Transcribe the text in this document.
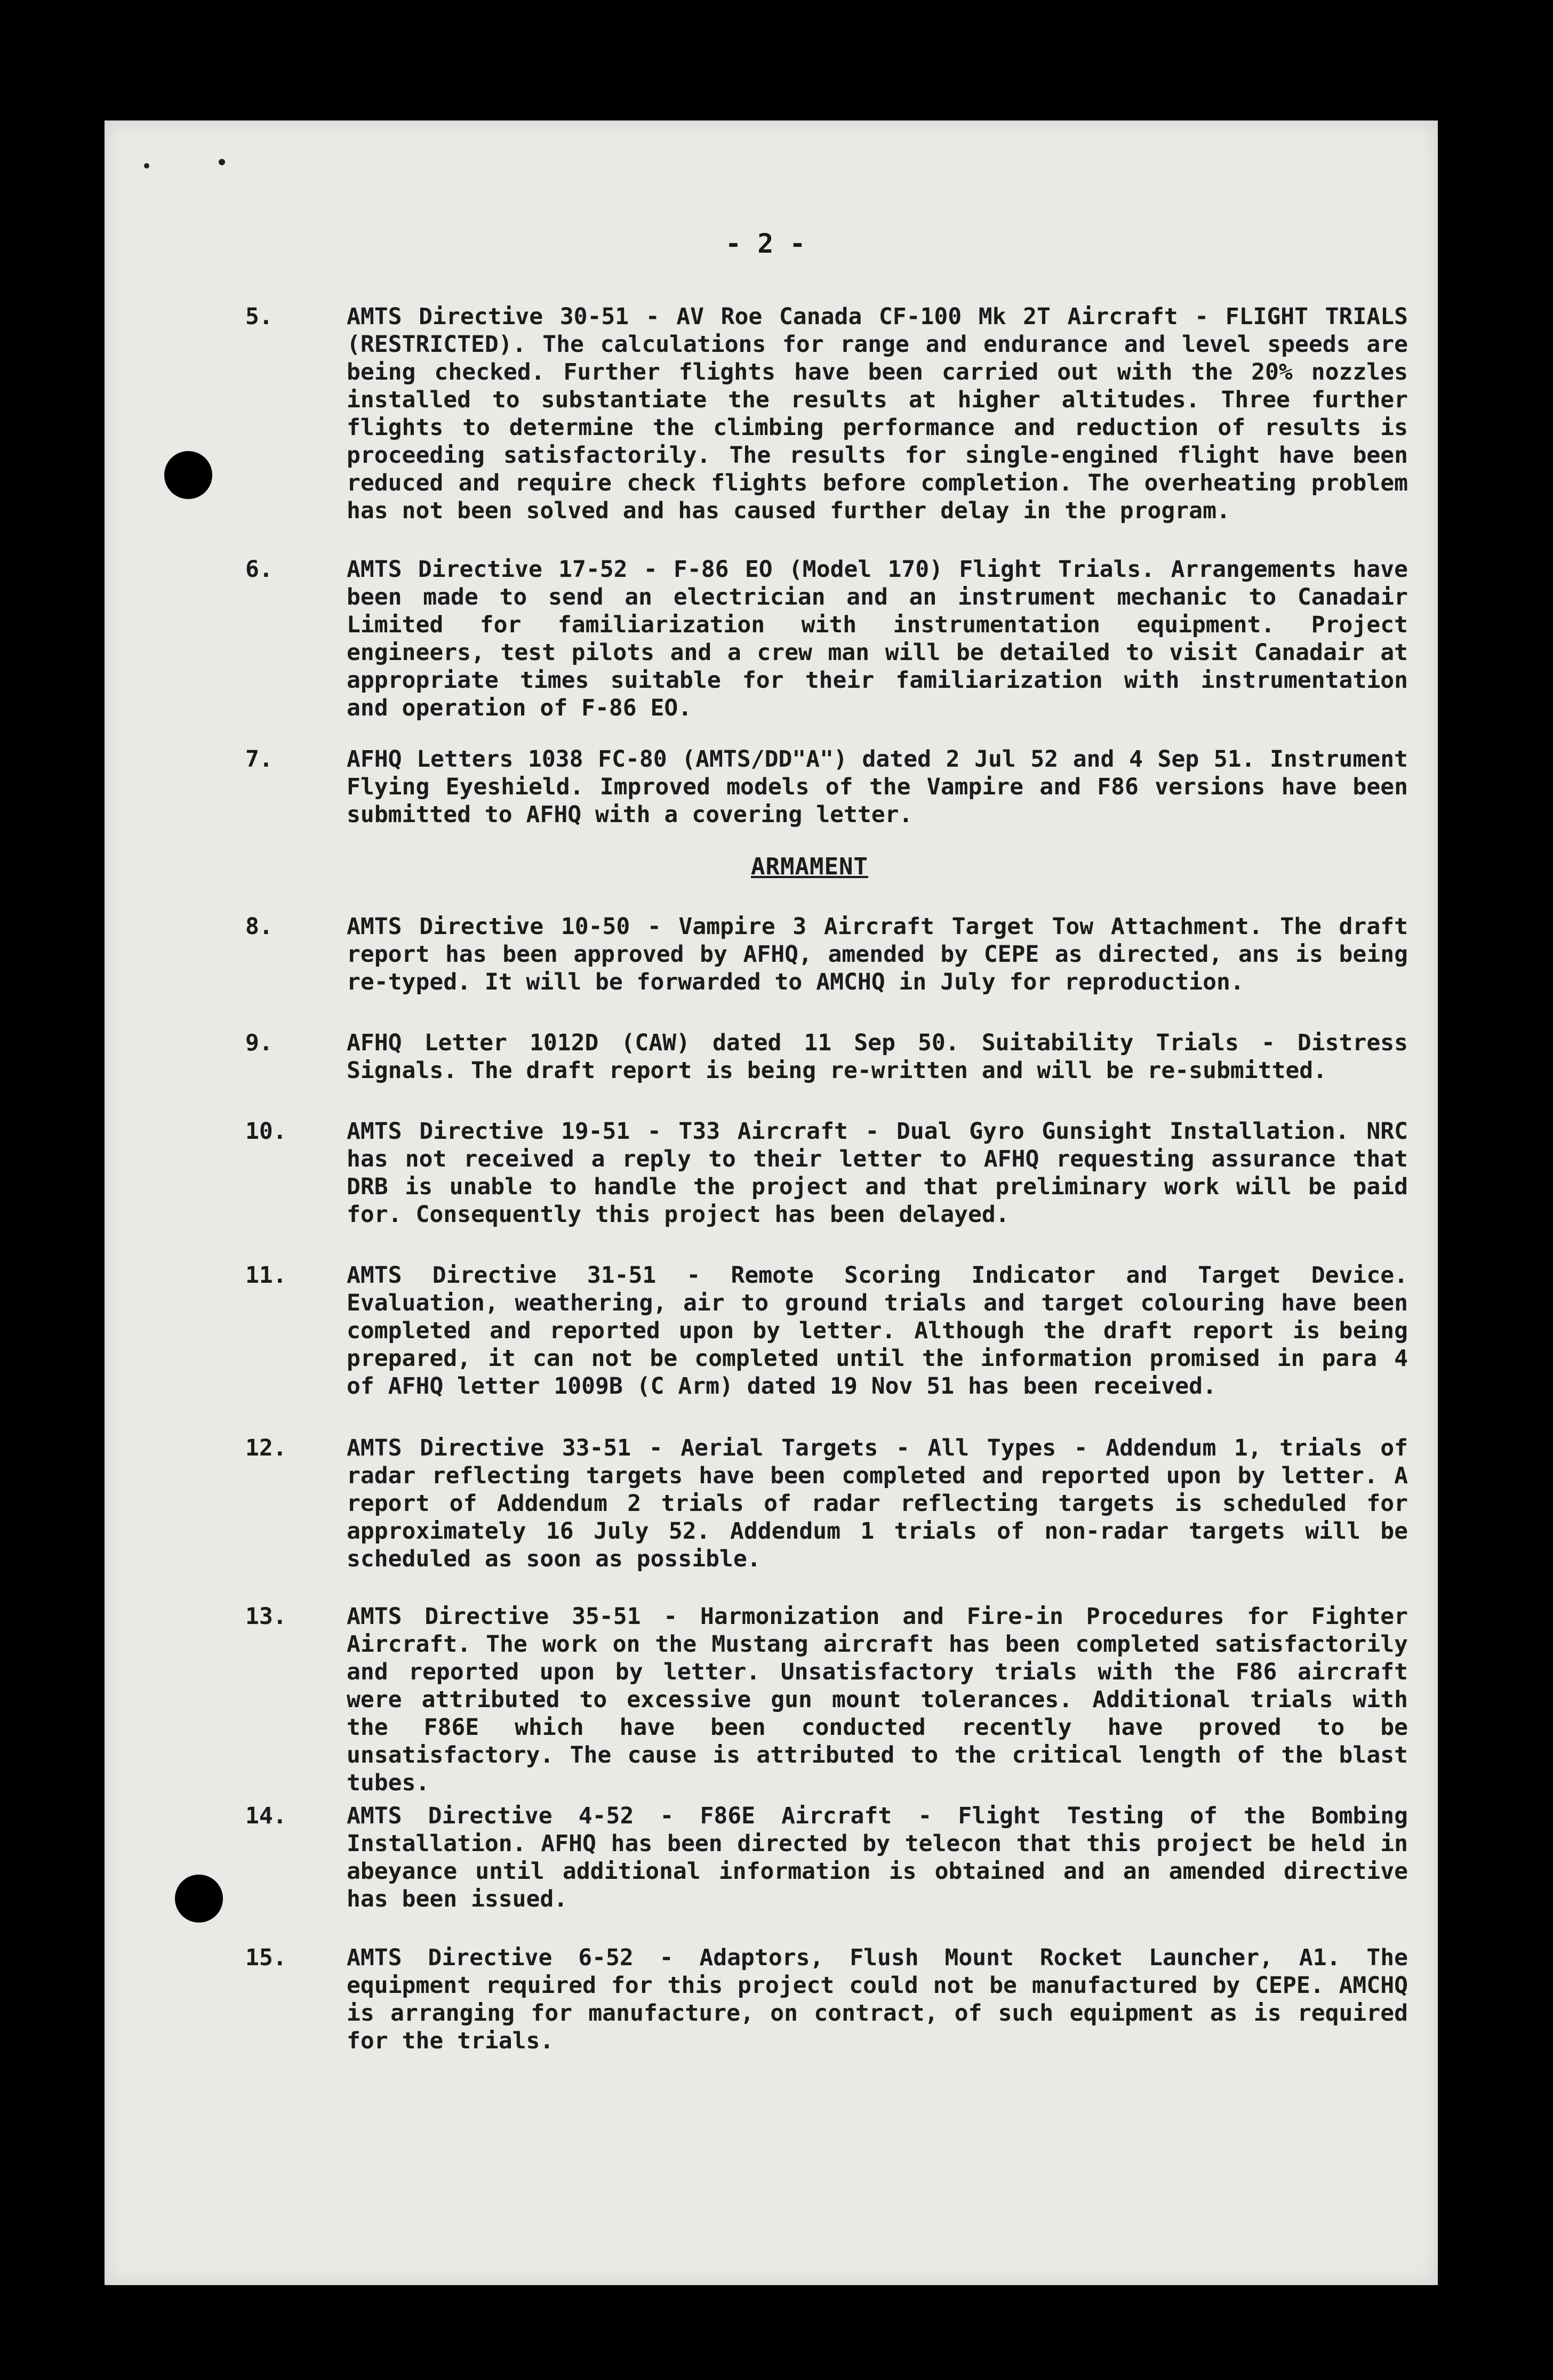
- 2 -
5.	AMTS Directive 30-51 - AV Roe Canada CF-100 Mk 2T Aircraft - FLIGHT TRIALS (RESTRICTED). The calculations for range and endurance and level speeds are being checked. Further flights have been carried out with the 20% nozzles installed to substantiate the results at higher altitudes. Three further flights to determine the climbing performance and reduction of results is proceeding satisfactorily. The results for single-engined flight have been reduced and require check flights before completion. The overheating problem has not been solved and has caused further delay in the program.
6.	AMTS Directive 17-52 - F-86 EO (Model 170) Flight Trials. Arrangements have been made to send an electrician and an instrument mechanic to Canadair Limited for familiarization with instrumentation equipment. Project engineers, test pilots and a crew man will be detailed to visit Canadair at appropriate times suitable for their familiarization with instrumentation and operation of F-86 EO.
7.	AFHQ Letters 1038 FC-80 (AMTS/DD"A") dated 2 Jul 52 and 4 Sep 51. Instrument Flying Eyeshield. Improved models of the Vampire and F86 versions have been submitted to AFHQ with a covering letter.
ARMAMENT
8.	AMTS Directive 10-50 - Vampire 3 Aircraft Target Tow Attachment. The draft report has been approved by AFHQ, amended by CEPE as directed, ans is being re-typed. It will be forwarded to AMCHQ in July for reproduction.
9.	AFHQ Letter 1012D (CAW) dated 11 Sep 50. Suitability Trials - Distress Signals. The draft report is being re-written and will be re-submitted.
10.	AMTS Directive 19-51 - T33 Aircraft - Dual Gyro Gunsight Installation. NRC has not received a reply to their letter to AFHQ requesting assurance that DRB is unable to handle the project and that preliminary work will be paid for. Consequently this project has been delayed.
11.	AMTS Directive 31-51 - Remote Scoring Indicator and Target Device. Evaluation, weathering, air to ground trials and target colouring have been completed and reported upon by letter. Although the draft report is being prepared, it can not be completed until the information promised in para 4 of AFHQ letter 1009B (C Arm) dated 19 Nov 51 has been received.
12.	AMTS Directive 33-51 - Aerial Targets - All Types - Addendum 1, trials of radar reflecting targets have been completed and reported upon by letter. A report of Addendum 2 trials of radar reflecting targets is scheduled for approximately 16 July 52. Addendum 1 trials of non-radar targets will be scheduled as soon as possible.
13.	AMTS Directive 35-51 - Harmonization and Fire-in Procedures for Fighter Aircraft. The work on the Mustang aircraft has been completed satisfactorily and reported upon by letter. Unsatisfactory trials with the F86 aircraft were attributed to excessive gun mount tolerances. Additional trials with the F86E which have been conducted recently have proved to be unsatisfactory. The cause is attributed to the critical length of the blast tubes.
14.	AMTS Directive 4-52 - F86E Aircraft - Flight Testing of the Bombing Installation. AFHQ has been directed by telecon that this project be held in abeyance until additional information is obtained and an amended directive has been issued.
15.	AMTS Directive 6-52 - Adaptors, Flush Mount Rocket Launcher, A1. The equipment required for this project could not be manufactured by CEPE. AMCHQ is arranging for manufacture, on contract, of such equipment as is required for the trials.
